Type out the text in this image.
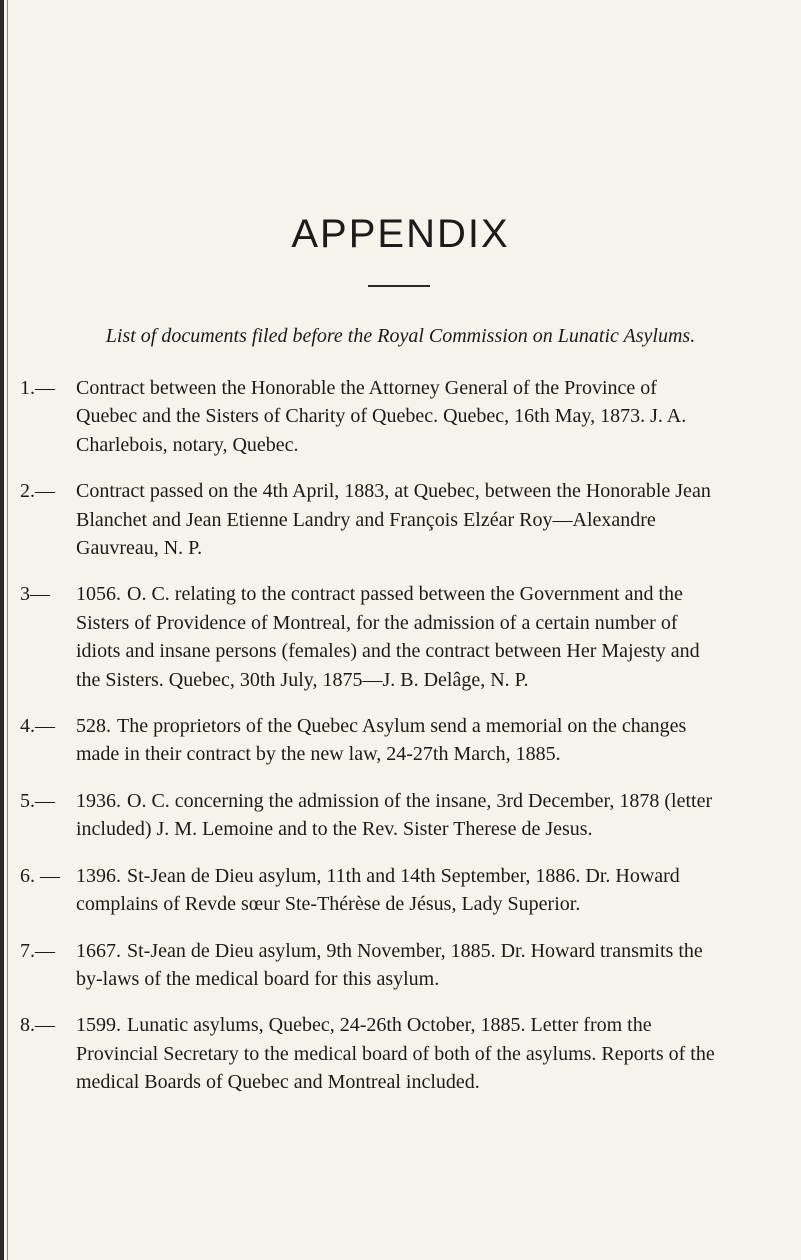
APPENDIX
List of documents filed before the Royal Commission on Lunatic Asylums.
1.— Contract between the Honorable the Attorney General of the Province of Quebec and the Sisters of Charity of Quebec. Quebec, 16th May, 1873. J. A. Charlebois, notary, Quebec.
2.— Contract passed on the 4th April, 1883, at Quebec, between the Honorable Jean Blanchet and Jean Etienne Landry and François Elzéar Roy—Alexandre Gauvreau, N. P.
3— 1056. O. C. relating to the contract passed between the Government and the Sisters of Providence of Montreal, for the admission of a certain number of idiots and insane persons (females) and the contract between Her Majesty and the Sisters. Quebec, 30th July, 1875—J. B. Delâge, N. P.
4.— 528. The proprietors of the Quebec Asylum send a memorial on the changes made in their contract by the new law, 24-27th March, 1885.
5.— 1936. O. C. concerning the admission of the insane, 3rd December, 1878 (letter included) J. M. Lemoine and to the Rev. Sister Therese de Jesus.
6. — 1396. St-Jean de Dieu asylum, 11th and 14th September, 1886. Dr. Howard complains of Revde sœur Ste-Thérèse de Jésus, Lady Superior.
7.— 1667. St-Jean de Dieu asylum, 9th November, 1885. Dr. Howard transmits the by-laws of the medical board for this asylum.
8.— 1599. Lunatic asylums, Quebec, 24-26th October, 1885. Letter from the Provincial Secretary to the medical board of both of the asylums. Reports of the medical Boards of Quebec and Montreal included.
